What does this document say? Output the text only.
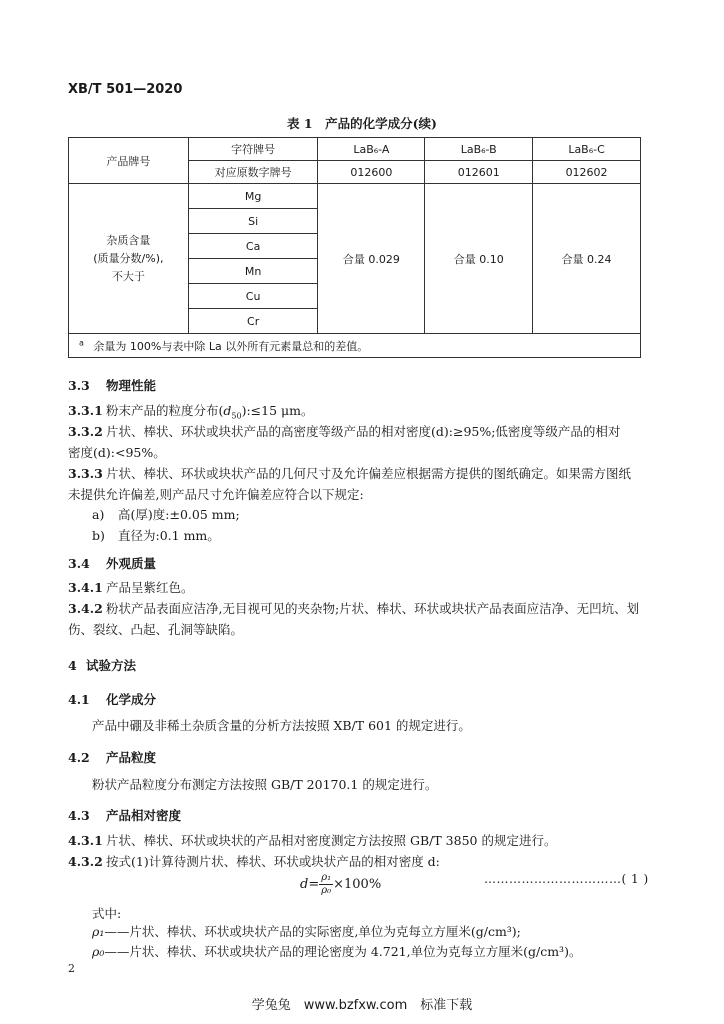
XB/T 501—2020
表 1　产品的化学成分(续)
产品牌号	字符牌号	LaB₆-A	LaB₆-B	LaB₆-C
	对应原数字牌号	012600	012601	012602
杂质含量
(质量分数/%),
不大于	Mg	合量 0.029	合量 0.10	合量 0.24
	Si			
	Ca			
	Mn			
	Cu			
	Cr			
$^a$ 余量为 100%与表中除 La 以外所有元素量总和的差值。				
3.3 物理性能
3.3.1 粉末产品的粒度分布$(d_{50}):\le 15$ μm。
3.3.2 片状、棒状、环状或块状产品的高密度等级产品的相对密度(d):≥95%;低密度等级产品的相对
密度(d):<95%。
3.3.3 片状、棒状、环状或块状产品的几何尺寸及允许偏差应根据需方提供的图纸确定。如果需方图纸
未提供允许偏差,则产品尺寸允许偏差应符合以下规定:
a) 高(厚)度:±0.05 mm;
b) 直径为:0.1 mm。
3.4 外观质量
3.4.1 产品呈紫红色。
3.4.2 粉状产品表面应洁净,无目视可见的夹杂物;片状、棒状、环状或块状产品表面应洁净、无凹坑、划
伤、裂纹、凸起、孔洞等缺陷。
4 试验方法
4.1 化学成分
产品中硼及非稀土杂质含量的分析方法按照 XB/T 601 的规定进行。
4.2 产品粒度
粉状产品粒度分布测定方法按照 GB/T 20170.1 的规定进行。
4.3 产品相对密度
4.3.1 片状、棒状、环状或块状的产品相对密度测定方法按照 GB/T 3850 的规定进行。
4.3.2 按式(1)计算待测片状、棒状、环状或块状产品的相对密度 d:
$d= \frac{\text{ρ₁}}{\text{ρ₀}} \times 100\%$	……………………………( 1 )
式中:
ρ₁——片状、棒状、环状或块状产品的实际密度,单位为克每立方厘米(g/cm³);
ρ₀——片状、棒状、环状或块状产品的理论密度为 4.721,单位为克每立方厘米(g/cm³)。
2
学兔兔　www.bzfxw.com　标准下载
